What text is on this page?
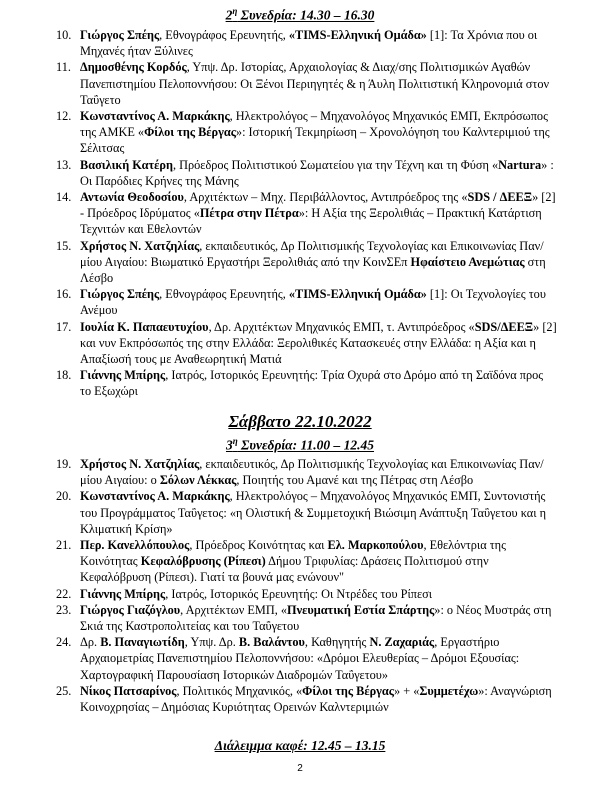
$2^\eta$ Συνεδρία: 14.30 – 16.30
10. Γιώργος Σπέης, Εθνογράφος Ερευνητής, «TIMS-Ελληνική Ομάδα» [1]: Τα Χρόνια που οι Μηχανές ήταν Ξύλινες
11. Δημοσθένης Κορδός, Υπψ. Δρ. Ιστορίας, Αρχαιολογίας & Διαχ/σης Πολιτισμικών Αγαθών Πανεπιστημίου Πελοποννήσου: Οι Ξένοι Περιηγητές & η Άυλη Πολιτιστική Κληρονομιά στον Ταΰγετο
12. Κωνσταντίνος Α. Μαρκάκης, Ηλεκτρολόγος – Μηχανολόγος Μηχανικός ΕΜΠ, Εκπρόσωπος της ΑΜΚΕ «Φίλοι της Βέργας»: Ιστορική Τεκμηρίωση – Χρονολόγηση του Καλντεριμιού της Σέλιτσας
13. Βασιλική Κατέρη, Πρόεδρος Πολιτιστικού Σωματείου για την Τέχνη και τη Φύση «Nartura» : Οι Παρόδιες Κρήνες της Μάνης
14. Αντωνία Θεοδοσίου, Αρχιτέκτων – Μηχ. Περιβάλλοντος, Αντιπρόεδρος της «SDS / ΔΕΕΞ» [2] - Πρόεδρος Ιδρύματος «Πέτρα στην Πέτρα»: Η Αξία της Ξερολιθιάς – Πρακτική Κατάρτιση Τεχνιτών και Εθελοντών
15. Χρήστος Ν. Χατζηλίας, εκπαιδευτικός, Δρ Πολιτισμικής Τεχνολογίας και Επικοινωνίας Παν/μίου Αιγαίου: Βιωματικό Εργαστήρι Ξερολιθιάς από την ΚοινΣΕπ Ηφαίστειο Ανεμώτιας στη Λέσβο
16. Γιώργος Σπέης, Εθνογράφος Ερευνητής, «TIMS-Ελληνική Ομάδα» [1]: Οι Τεχνολογίες του Ανέμου
17. Ιουλία Κ. Παπαευτυχίου, Δρ. Αρχιτέκτων Μηχανικός ΕΜΠ, τ. Αντιπρόεδρος «SDS/ΔΕΕΞ» [2] και νυν Εκπρόσωπός της στην Ελλάδα: Ξερολιθικές Κατασκευές στην Ελλάδα: η Αξία και η Απαξίωσή τους με Αναθεωρητική Ματιά
18. Γιάννης Μπίρης, Ιατρός, Ιστορικός Ερευνητής: Τρία Οχυρά στο Δρόμο από τη Σαϊδόνα προς το Εξωχώρι
Σάββατο 22.10.2022
$3^\eta$ Συνεδρία: 11.00 – 12.45
19. Χρήστος Ν. Χατζηλίας, εκπαιδευτικός, Δρ Πολιτισμικής Τεχνολογίας και Επικοινωνίας Παν/μίου Αιγαίου: ο Σόλων Λέκκας, Ποιητής του Αμανέ και της Πέτρας στη Λέσβο
20. Κωνσταντίνος Α. Μαρκάκης, Ηλεκτρολόγος – Μηχανολόγος Μηχανικός ΕΜΠ, Συντονιστής του Προγράμματος Ταΰγετος: «η Ολιστική & Συμμετοχική Βιώσιμη Ανάπτυξη Ταΰγετου και η Κλιματική Κρίση»
21. Περ. Κανελλόπουλος, Πρόεδρος Κοινότητας και Ελ. Μαρκοπούλου, Εθελόντρια της Κοινότητας Κεφαλόβρυσης (Ρίπεσι) Δήμου Τριφυλίας: Δράσεις Πολιτισμού στην Κεφαλόβρυση (Ρίπεσι). Γιατί τα βουνά μας ενώνουν"
22. Γιάννης Μπίρης, Ιατρός, Ιστορικός Ερευνητής: Οι Ντρέδες του Ρίπεσι
23. Γιώργος Γιαζόγλου, Αρχιτέκτων ΕΜΠ, «Πνευματική Εστία Σπάρτης»: ο Νέος Μυστράς στη Σκιά της Καστροπολιτείας και του Ταΰγετου
24. Δρ. Β. Παναγιωτίδη, Υπψ. Δρ. Β. Βαλάντου, Καθηγητής Ν. Ζαχαριάς, Εργαστήριο Αρχαιομετρίας Πανεπιστημίου Πελοποννήσου: «Δρόμοι Ελευθερίας – Δρόμοι Εξουσίας: Χαρτογραφική Παρουσίαση Ιστορικών Διαδρομών Ταΰγετου»
25. Νίκος Πατσαρίνος, Πολιτικός Μηχανικός, «Φίλοι της Βέργας» + «Συμμετέχω»: Αναγνώριση Κοινοχρησίας – Δημόσιας Κυριότητας Ορεινών Καλντεριμιών
Διάλειμμα καφέ: 12.45 – 13.15
2
